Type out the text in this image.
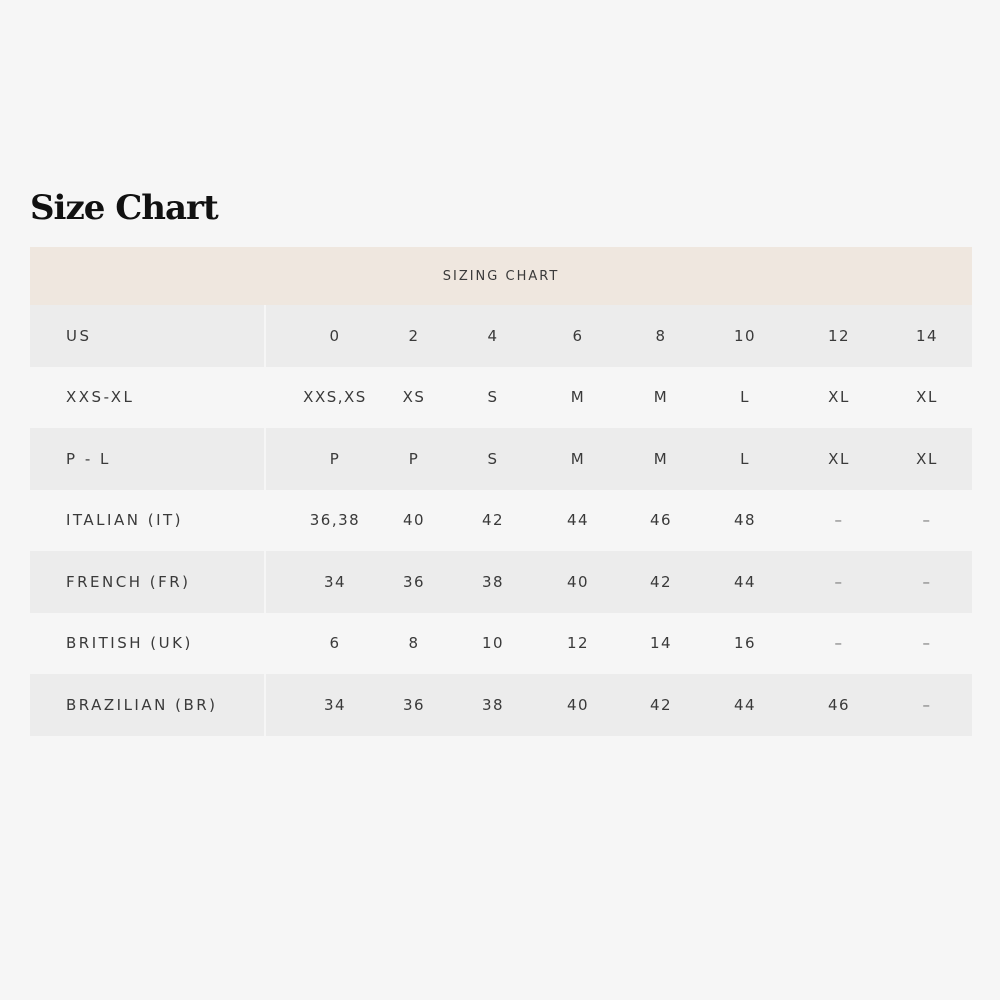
Size Chart
SIZING CHART
US	0	2	4	6	8	10	12	14
XXS-XL	XXS,XS	XS	S	M	M	L	XL	XL
P - L	P	P	S	M	M	L	XL	XL
ITALIAN (IT)	36,38	40	42	44	46	48	–	–
FRENCH (FR)	34	36	38	40	42	44	–	–
BRITISH (UK)	6	8	10	12	14	16	–	–
BRAZILIAN (BR)	34	36	38	40	42	44	46	–
